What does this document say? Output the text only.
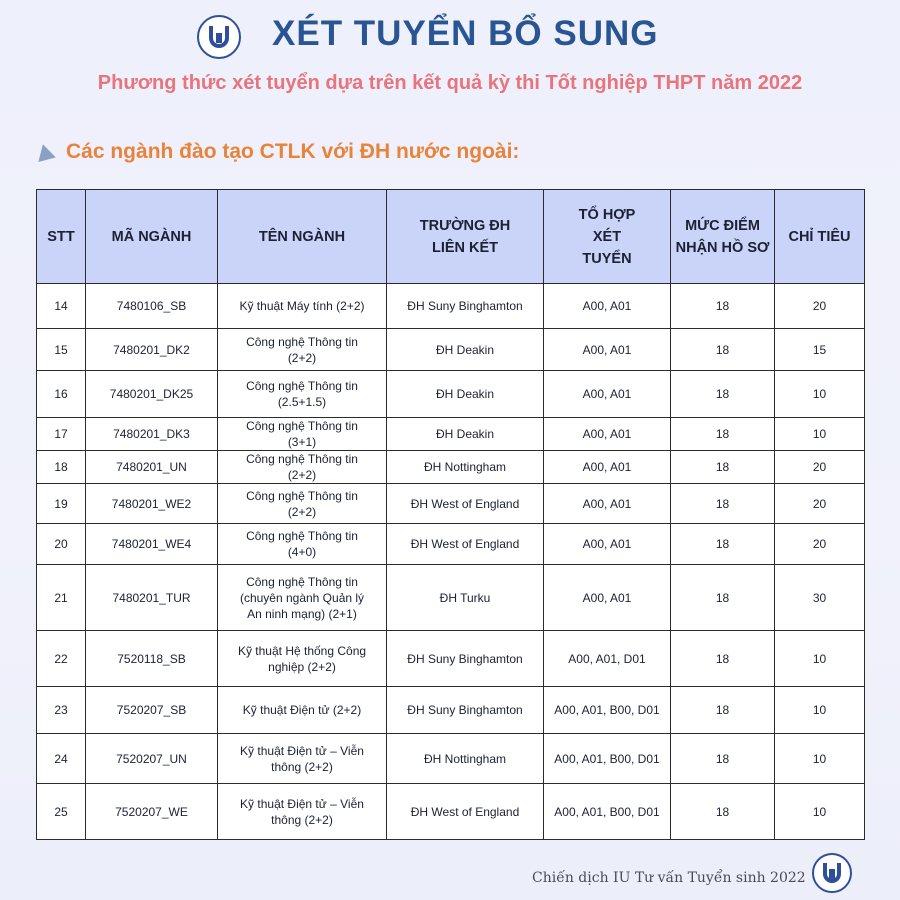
XÉT TUYỂN BỔ SUNG
Phương thức xét tuyển dựa trên kết quả kỳ thi Tốt nghiệp THPT năm 2022
Các ngành đào tạo CTLK với ĐH nước ngoài:
STT	MÃ NGÀNH	TÊN NGÀNH	TRƯỜNG ĐH LIÊN KẾT	TỔ HỢP XÉT TUYỂN	MỨC ĐIỂM NHẬN HỒ SƠ	CHỈ TIÊU
14	7480106_SB	Kỹ thuật Máy tính (2+2)	ĐH Suny Binghamton	A00, A01	18	20
15	7480201_DK2	Công nghệ Thông tin (2+2)	ĐH Deakin	A00, A01	18	15
16	7480201_DK25	Công nghệ Thông tin (2.5+1.5)	ĐH Deakin	A00, A01	18	10
17	7480201_DK3	Công nghệ Thông tin (3+1)	ĐH Deakin	A00, A01	18	10
18	7480201_UN	Công nghệ Thông tin (2+2)	ĐH Nottingham	A00, A01	18	20
19	7480201_WE2	Công nghệ Thông tin (2+2)	ĐH West of England	A00, A01	18	20
20	7480201_WE4	Công nghệ Thông tin (4+0)	ĐH West of England	A00, A01	18	20
21	7480201_TUR	Công nghệ Thông tin (chuyên ngành Quản lý An ninh mạng) (2+1)	ĐH Turku	A00, A01	18	30
22	7520118_SB	Kỹ thuật Hệ thống Công nghiệp (2+2)	ĐH Suny Binghamton	A00, A01, D01	18	10
23	7520207_SB	Kỹ thuật Điện tử (2+2)	ĐH Suny Binghamton	A00, A01, B00, D01	18	10
24	7520207_UN	Kỹ thuật Điện tử – Viễn thông (2+2)	ĐH Nottingham	A00, A01, B00, D01	18	10
25	7520207_WE	Kỹ thuật Điện tử – Viễn thông (2+2)	ĐH West of England	A00, A01, B00, D01	18	10
Chiến dịch IU Tư vấn Tuyển sinh 2022
